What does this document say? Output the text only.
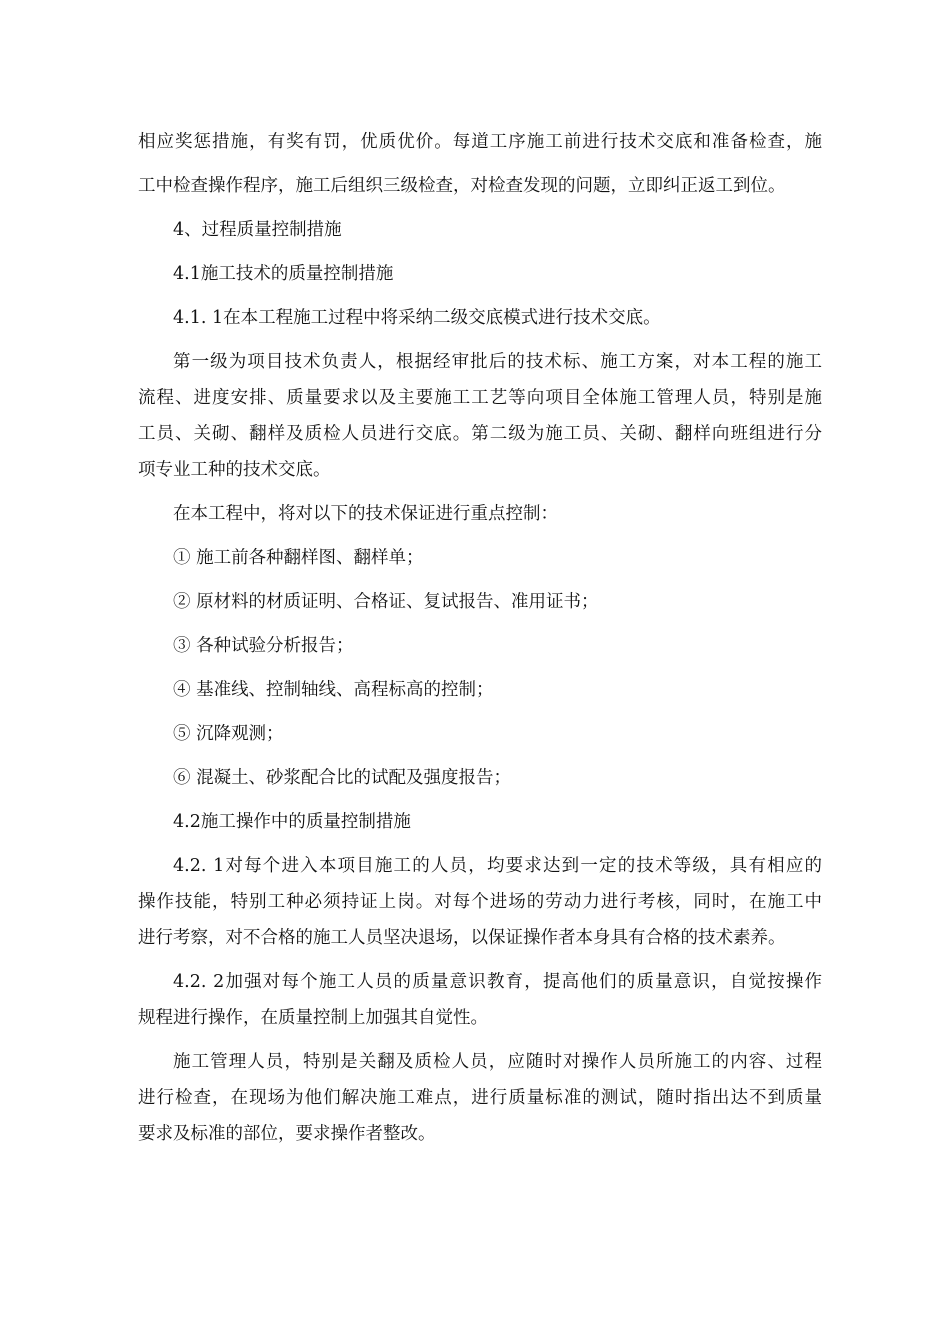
相应奖惩措施，有奖有罚，优质优价。每道工序施工前进行技术交底和准备检查，施
工中检查操作程序，施工后组织三级检查，对检查发现的问题，立即纠正返工到位。
4、过程质量控制措施
4.1施工技术的质量控制措施
4.1. 1在本工程施工过程中将采纳二级交底模式进行技术交底。
第一级为项目技术负责人，根据经审批后的技术标、施工方案，对本工程的施工
流程、进度安排、质量要求以及主要施工工艺等向项目全体施工管理人员，特别是施
工员、关砌、翻样及质检人员进行交底。第二级为施工员、关砌、翻样向班组进行分
项专业工种的技术交底。
在本工程中，将对以下的技术保证进行重点控制：
① 施工前各种翻样图、翻样单；
② 原材料的材质证明、合格证、复试报告、准用证书；
③ 各种试验分析报告；
④ 基准线、控制轴线、高程标高的控制；
⑤ 沉降观测；
⑥ 混凝土、砂浆配合比的试配及强度报告；
4.2施工操作中的质量控制措施
4.2. 1对每个进入本项目施工的人员，均要求达到一定的技术等级，具有相应的
操作技能，特别工种必须持证上岗。对每个进场的劳动力进行考核，同时，在施工中
进行考察，对不合格的施工人员坚决退场，以保证操作者本身具有合格的技术素养。
4.2. 2加强对每个施工人员的质量意识教育，提高他们的质量意识，自觉按操作
规程进行操作，在质量控制上加强其自觉性。
施工管理人员，特别是关翻及质检人员，应随时对操作人员所施工的内容、过程
进行检查，在现场为他们解决施工难点，进行质量标准的测试，随时指出达不到质量
要求及标准的部位，要求操作者整改。
